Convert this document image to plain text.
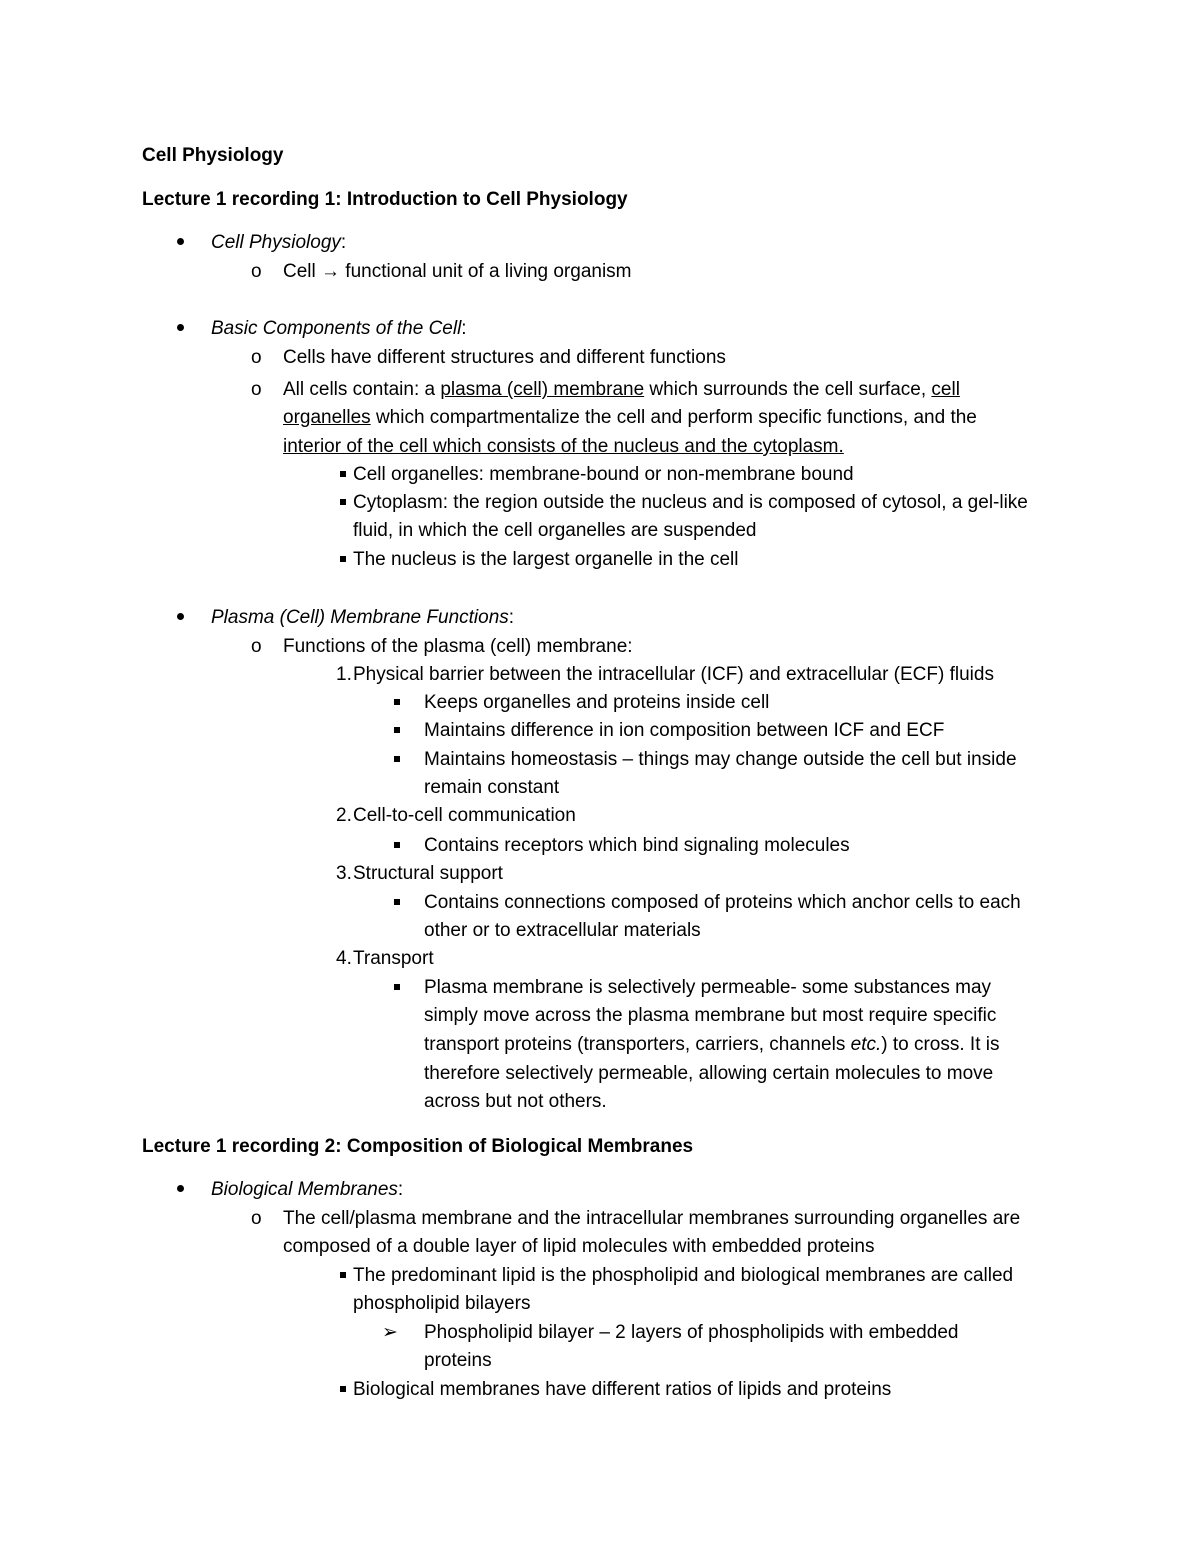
Cell Physiology
Lecture 1 recording 1: Introduction to Cell Physiology
Cell Physiology:
o Cell → functional unit of a living organism
Basic Components of the Cell:
o Cells have different structures and different functions
o All cells contain: a plasma (cell) membrane which surrounds the cell surface, cell
organelles which compartmentalize the cell and perform specific functions, and the
interior of the cell which consists of the nucleus and the cytoplasm.
Cell organelles: membrane-bound or non-membrane bound
Cytoplasm: the region outside the nucleus and is composed of cytosol, a gel-like
fluid, in which the cell organelles are suspended
The nucleus is the largest organelle in the cell
Plasma (Cell) Membrane Functions:
o Functions of the plasma (cell) membrane:
1. Physical barrier between the intracellular (ICF) and extracellular (ECF) fluids
Keeps organelles and proteins inside cell
Maintains difference in ion composition between ICF and ECF
Maintains homeostasis – things may change outside the cell but inside
remain constant
2. Cell-to-cell communication
Contains receptors which bind signaling molecules
3. Structural support
Contains connections composed of proteins which anchor cells to each
other or to extracellular materials
4. Transport
Plasma membrane is selectively permeable- some substances may
simply move across the plasma membrane but most require specific
transport proteins (transporters, carriers, channels etc.) to cross. It is
therefore selectively permeable, allowing certain molecules to move
across but not others.
Lecture 1 recording 2: Composition of Biological Membranes
Biological Membranes:
o The cell/plasma membrane and the intracellular membranes surrounding organelles are
composed of a double layer of lipid molecules with embedded proteins
The predominant lipid is the phospholipid and biological membranes are called
phospholipid bilayers
➢ Phospholipid bilayer – 2 layers of phospholipids with embedded
proteins
Biological membranes have different ratios of lipids and proteins
